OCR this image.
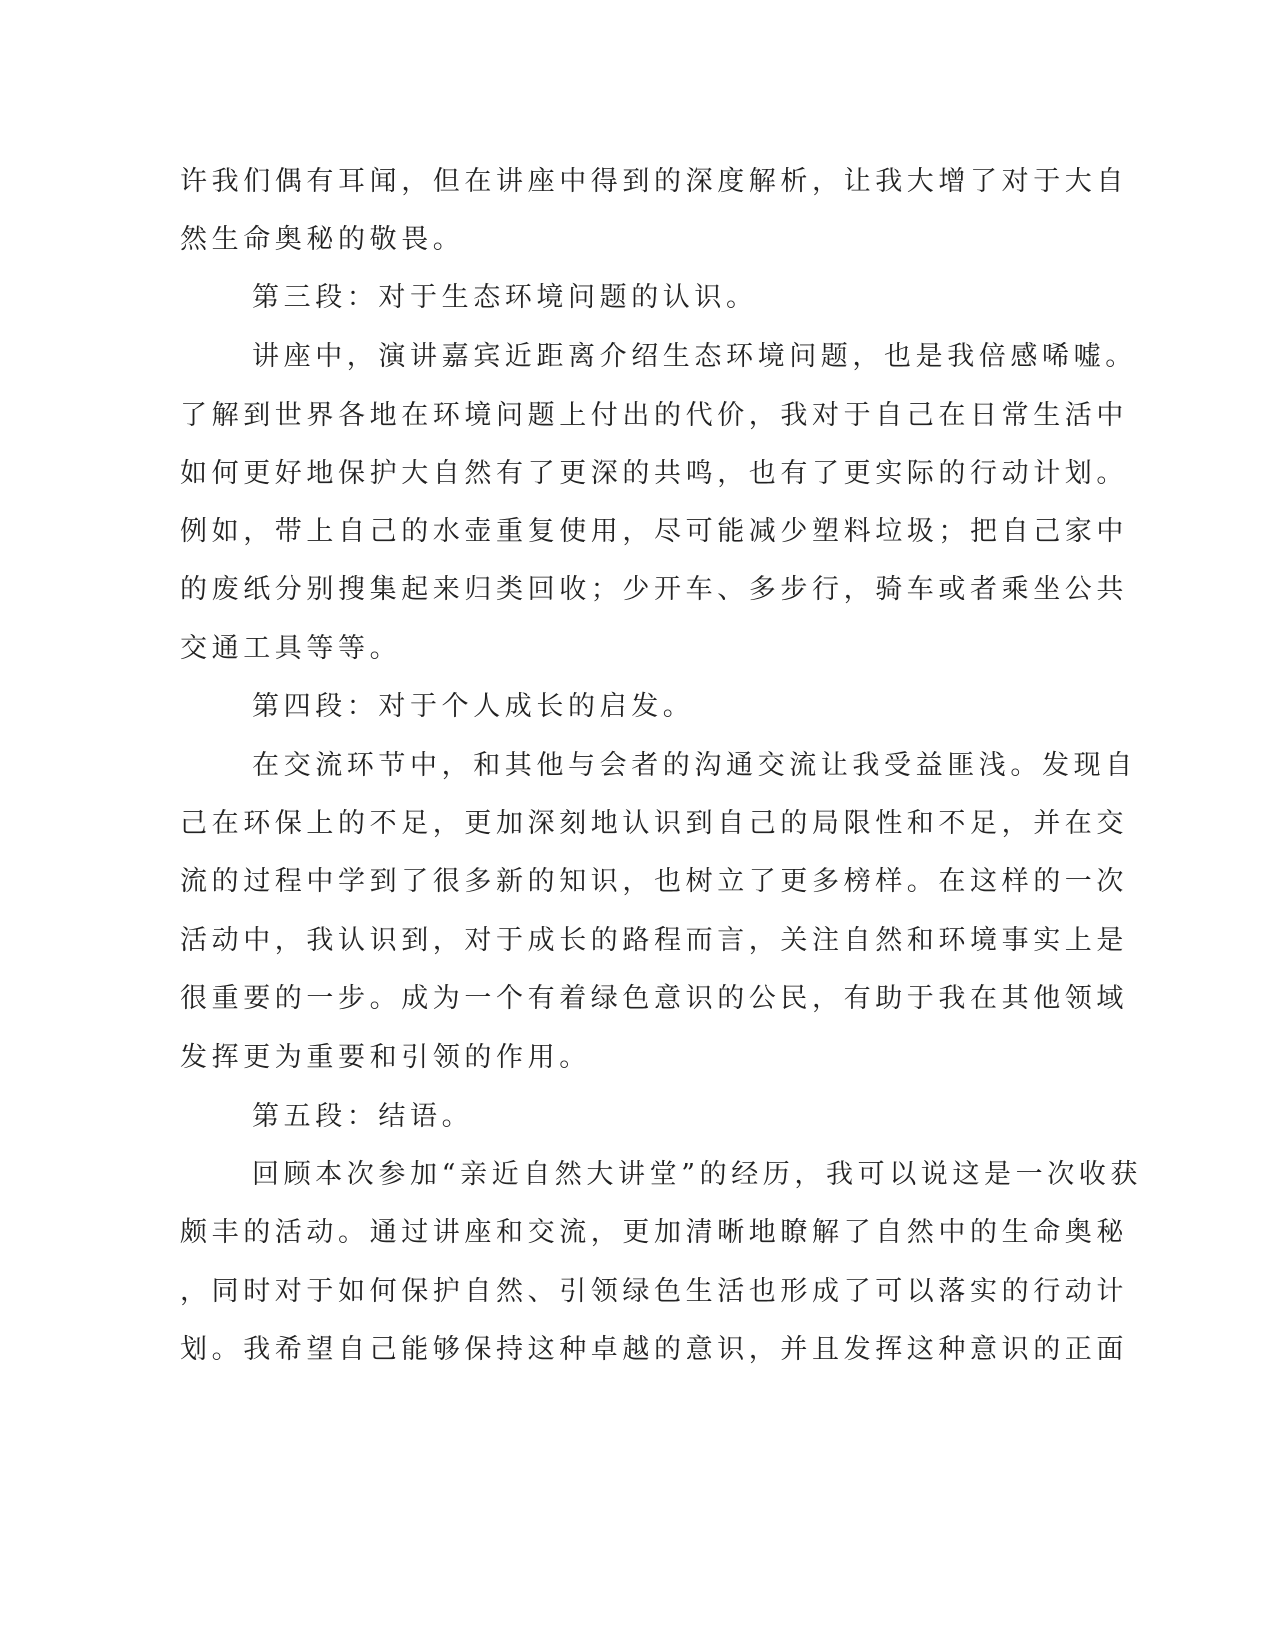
许我们偶有耳闻，但在讲座中得到的深度解析，让我大增了对于大自
然生命奥秘的敬畏。
第三段：对于生态环境问题的认识。
讲座中，演讲嘉宾近距离介绍生态环境问题，也是我倍感唏嘘。
了解到世界各地在环境问题上付出的代价，我对于自己在日常生活中
如何更好地保护大自然有了更深的共鸣，也有了更实际的行动计划。
例如，带上自己的水壶重复使用，尽可能减少塑料垃圾；把自己家中
的废纸分别搜集起来归类回收；少开车、多步行，骑车或者乘坐公共
交通工具等等。
第四段：对于个人成长的启发。
在交流环节中，和其他与会者的沟通交流让我受益匪浅。发现自
己在环保上的不足，更加深刻地认识到自己的局限性和不足，并在交
流的过程中学到了很多新的知识，也树立了更多榜样。在这样的一次
活动中，我认识到，对于成长的路程而言，关注自然和环境事实上是
很重要的一步。成为一个有着绿色意识的公民，有助于我在其他领域
发挥更为重要和引领的作用。
第五段：结语。
回顾本次参加“亲近自然大讲堂”的经历，我可以说这是一次收获
颇丰的活动。通过讲座和交流，更加清晰地瞭解了自然中的生命奥秘
，同时对于如何保护自然、引领绿色生活也形成了可以落实的行动计
划。我希望自己能够保持这种卓越的意识，并且发挥这种意识的正面
